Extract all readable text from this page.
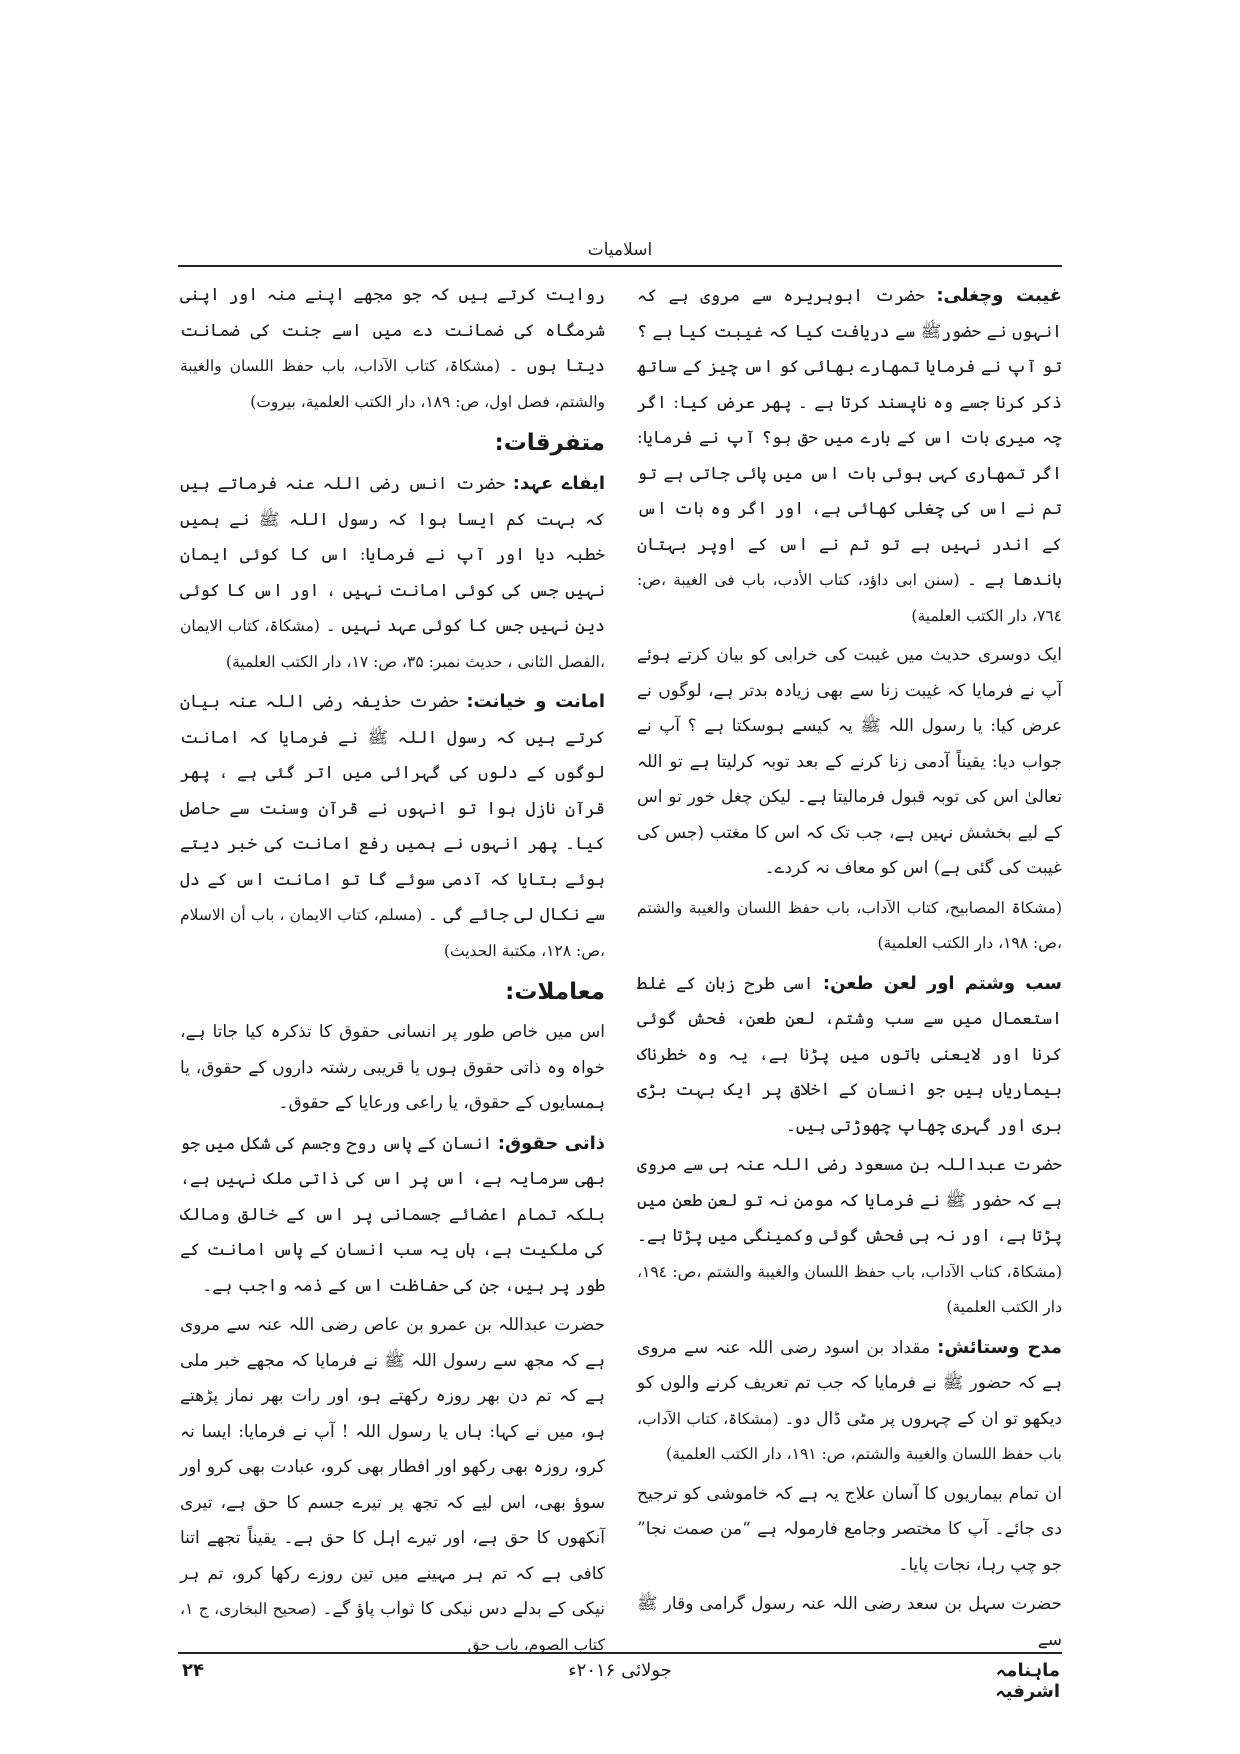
اسلامیات

غیبت وچغلی: حضرت ابوہریرہ سے مروی ہے کہ انہوں نے حضورﷺ سے دریافت کیا کہ غیبت کیا ہے ؟ تو آپ نے فرمایا تمھارے بھائی کو اس چیز کے ساتھ ذکر کرنا جسے وہ ناپسند کرتا ہے ۔ پھر عرض کیا: اگر چہ میری بات اس کے بارے میں حق ہو؟ آپ نے فرمایا: اگر تمھاری کہی ہوئی بات اس میں پائی جاتی ہے تو تم نے اس کی چغلی کھائی ہے، اور اگر وہ بات اس کے اندر نہیں ہے تو تم نے اس کے اوپر بہتان باندھا ہے ۔ (سنن ابی داؤد، کتاب الأدب، باب فی الغیبة ،ص: ۷٦٤، دار الکتب العلمیة)

ایک دوسری حدیث میں غیبت کی خرابی کو بیان کرتے ہوئے آپ نے فرمایا کہ غیبت زنا سے بھی زیادہ بدتر ہے، لوگوں نے عرض کیا: یا رسول اللہ ﷺ یہ کیسے ہوسکتا ہے ؟ آپ نے جواب دیا: یقیناً آدمی زنا کرنے کے بعد توبہ کرلیتا ہے تو اللہ تعالیٰ اس کی توبہ قبول فرمالیتا ہے۔ لیکن چغل خور تو اس کے لیے بخشش نہیں ہے، جب تک کہ اس کا مغتب (جس کی غیبت کی گئی ہے) اس کو معاف نہ کردے۔

(مشکاۃ المصابیح، کتاب الآداب، باب حفظ اللسان والغیبة والشتم ،ص: ۱۹۸، دار الکتب العلمیة)

سب وشتم اور لعن طعن: اسی طرح زبان کے غلط استعمال میں سے سب وشتم، لعن طعن، فحش گوئی کرنا اور لایعنی باتوں میں پڑنا ہے، یہ وہ خطرناک بیماریاں ہیں جو انسان کے اخلاق پر ایک بہت بڑی بری اور گہری چھاپ چھوڑتی ہیں۔

حضرت عبداللہ بن مسعود رضی اللہ عنہ ہی سے مروی ہے کہ حضور ﷺ نے فرمایا کہ مومن نہ تو لعن طعن میں پڑتا ہے، اور نہ ہی فحش گوئی وکمینگی میں پڑتا ہے۔ (مشکاۃ، کتاب الآداب، باب حفظ اللسان والغیبة والشتم ،ص: ۱۹٤، دار الکتب العلمیة)

مدح وستائش: مقداد بن اسود رضی اللہ عنہ سے مروی ہے کہ حضور ﷺ نے فرمایا کہ جب تم تعریف کرنے والوں کو دیکھو تو ان کے چہروں پر مٹی ڈال دو۔ (مشکاۃ، کتاب الآداب، باب حفظ اللسان والغیبة والشتم، ص: ۱۹۱، دار الکتب العلمیة)

ان تمام بیماریوں کا آسان علاج یہ ہے کہ خاموشی کو ترجیح دی جائے۔ آپ کا مختصر وجامع فارمولہ ہے “من صمت نجا” جو چپ رہا، نجات پایا۔

حضرت سہل بن سعد رضی اللہ عنہ رسول گرامی وقار ﷺ سے

روایت کرتے ہیں کہ جو مجھے اپنے منہ اور اپنی شرمگاہ کی ضمانت دے میں اسے جنت کی ضمانت دیتا ہوں ۔ (مشکاۃ، کتاب الآداب، باب حفظ اللسان والغیبة والشتم، فصل اول، ص: ۱۸۹، دار الکتب العلمیة، بیروت)

متفرقات:

ایفاے عہد: حضرت انس رضی اللہ عنہ فرماتے ہیں کہ بہت کم ایسا ہوا کہ رسول اللہ ﷺ نے ہمیں خطبہ دیا اور آپ نے فرمایا: اس کا کوئی ایمان نہیں جس کی کوئی امانت نہیں ، اور اس کا کوئی دین نہیں جس کا کوئی عہد نہیں ۔ (مشکاۃ، کتاب الایمان ،الفصل الثانی ، حدیث نمبر: ۳۵، ص: ۱۷، دار الکتب العلمیة)

امانت و خیانت: حضرت حذیفہ رضی اللہ عنہ بیان کرتے ہیں کہ رسول اللہ ﷺ نے فرمایا کہ امانت لوگوں کے دلوں کی گہرائی میں اتر گئی ہے ، پھر قرآن نازل ہوا تو انہوں نے قرآن وسنت سے حاصل کیا۔ پھر انہوں نے ہمیں رفع امانت کی خبر دیتے ہوئے بتایا کہ آدمی سوئے گا تو امانت اس کے دل سے نکال لی جائے گی ۔ (مسلم، کتاب الایمان ، باب أن الاسلام ،ص: ۱۲۸، مکتبة الحدیث)

معاملات:

اس میں خاص طور پر انسانی حقوق کا تذکرہ کیا جاتا ہے، خواہ وہ ذاتی حقوق ہوں یا قریبی رشتہ داروں کے حقوق، یا ہمسایوں کے حقوق، یا راعی ورعایا کے حقوق۔

ذاتی حقوق: انسان کے پاس روح وجسم کی شکل میں جو بھی سرمایہ ہے، اس پر اس کی ذاتی ملک نہیں ہے، بلکہ تمام اعضائے جسمانی پر اس کے خالق ومالک کی ملکیت ہے، ہاں یہ سب انسان کے پاس امانت کے طور پر ہیں، جن کی حفاظت اس کے ذمہ واجب ہے۔

حضرت عبداللہ بن عمرو بن عاص رضی اللہ عنہ سے مروی ہے کہ مجھ سے رسول اللہ ﷺ نے فرمایا کہ مجھے خبر ملی ہے کہ تم دن بھر روزہ رکھتے ہو، اور رات بھر نماز پڑھتے ہو، میں نے کہا: ہاں یا رسول اللہ ! آپ نے فرمایا: ایسا نہ کرو، روزہ بھی رکھو اور افطار بھی کرو، عبادت بھی کرو اور سوؤ بھی، اس لیے کہ تجھ پر تیرے جسم کا حق ہے، تیری آنکھوں کا حق ہے، اور تیرے اہل کا حق ہے۔ یقیناً تجھے اتنا کافی ہے کہ تم ہر مہینے میں تین روزے رکھا کرو، تم ہر نیکی کے بدلے دس نیکی کا ثواب پاؤ گے۔ (صحیح البخاری، ج ۱، کتاب الصوم، باب حق

۲۴	جولائی ۲۰۱۶ء	ماہنامہ اشرفیہ
